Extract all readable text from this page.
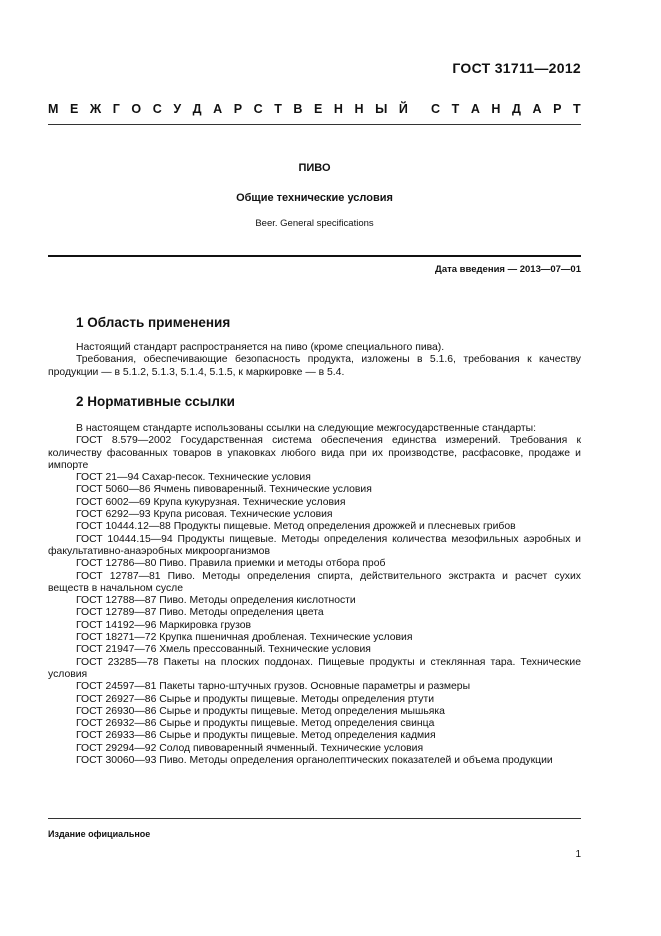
ГОСТ 31711—2012
М Е Ж Г О С У Д А Р С Т В Е Н Н Ы Й С Т А Н Д А Р Т
ПИВО
Общие технические условия
Beer. General specifications
Дата введения — 2013—07—01
1 Область применения

Настоящий стандарт распространяется на пиво (кроме специального пива).

Требования, обеспечивающие безопасность продукта, изложены в 5.1.6, требования к качеству продукции — в 5.1.2, 5.1.3, 5.1.4, 5.1.5, к маркировке — в 5.4.

2 Нормативные ссылки

В настоящем стандарте использованы ссылки на следующие межгосударственные стандарты:

ГОСТ 8.579—2002 Государственная система обеспечения единства измерений. Требования к количеству фасованных товаров в упаковках любого вида при их производстве, расфасовке, продаже и импорте

ГОСТ 21—94 Сахар-песок. Технические условия

ГОСТ 5060—86 Ячмень пивоваренный. Технические условия

ГОСТ 6002—69 Крупа кукурузная. Технические условия

ГОСТ 6292—93 Крупа рисовая. Технические условия

ГОСТ 10444.12—88 Продукты пищевые. Метод определения дрожжей и плесневых грибов

ГОСТ 10444.15—94 Продукты пищевые. Методы определения количества мезофильных аэробных и факультативно-анаэробных микроорганизмов

ГОСТ 12786—80 Пиво. Правила приемки и методы отбора проб

ГОСТ 12787—81 Пиво. Методы определения спирта, действительного экстракта и расчет сухих веществ в начальном сусле

ГОСТ 12788—87 Пиво. Методы определения кислотности

ГОСТ 12789—87 Пиво. Методы определения цвета

ГОСТ 14192—96 Маркировка грузов

ГОСТ 18271—72 Крупка пшеничная дробленая. Технические условия

ГОСТ 21947—76 Хмель прессованный. Технические условия

ГОСТ 23285—78 Пакеты на плоских поддонах. Пищевые продукты и стеклянная тара. Технические условия

ГОСТ 24597—81 Пакеты тарно-штучных грузов. Основные параметры и размеры

ГОСТ 26927—86 Сырье и продукты пищевые. Методы определения ртути

ГОСТ 26930—86 Сырье и продукты пищевые. Метод определения мышьяка

ГОСТ 26932—86 Сырье и продукты пищевые. Метод определения свинца

ГОСТ 26933—86 Сырье и продукты пищевые. Метод определения кадмия

ГОСТ 29294—92 Солод пивоваренный ячменный. Технические условия

ГОСТ 30060—93 Пиво. Методы определения органолептических показателей и объема продукции

Издание официальное
1
